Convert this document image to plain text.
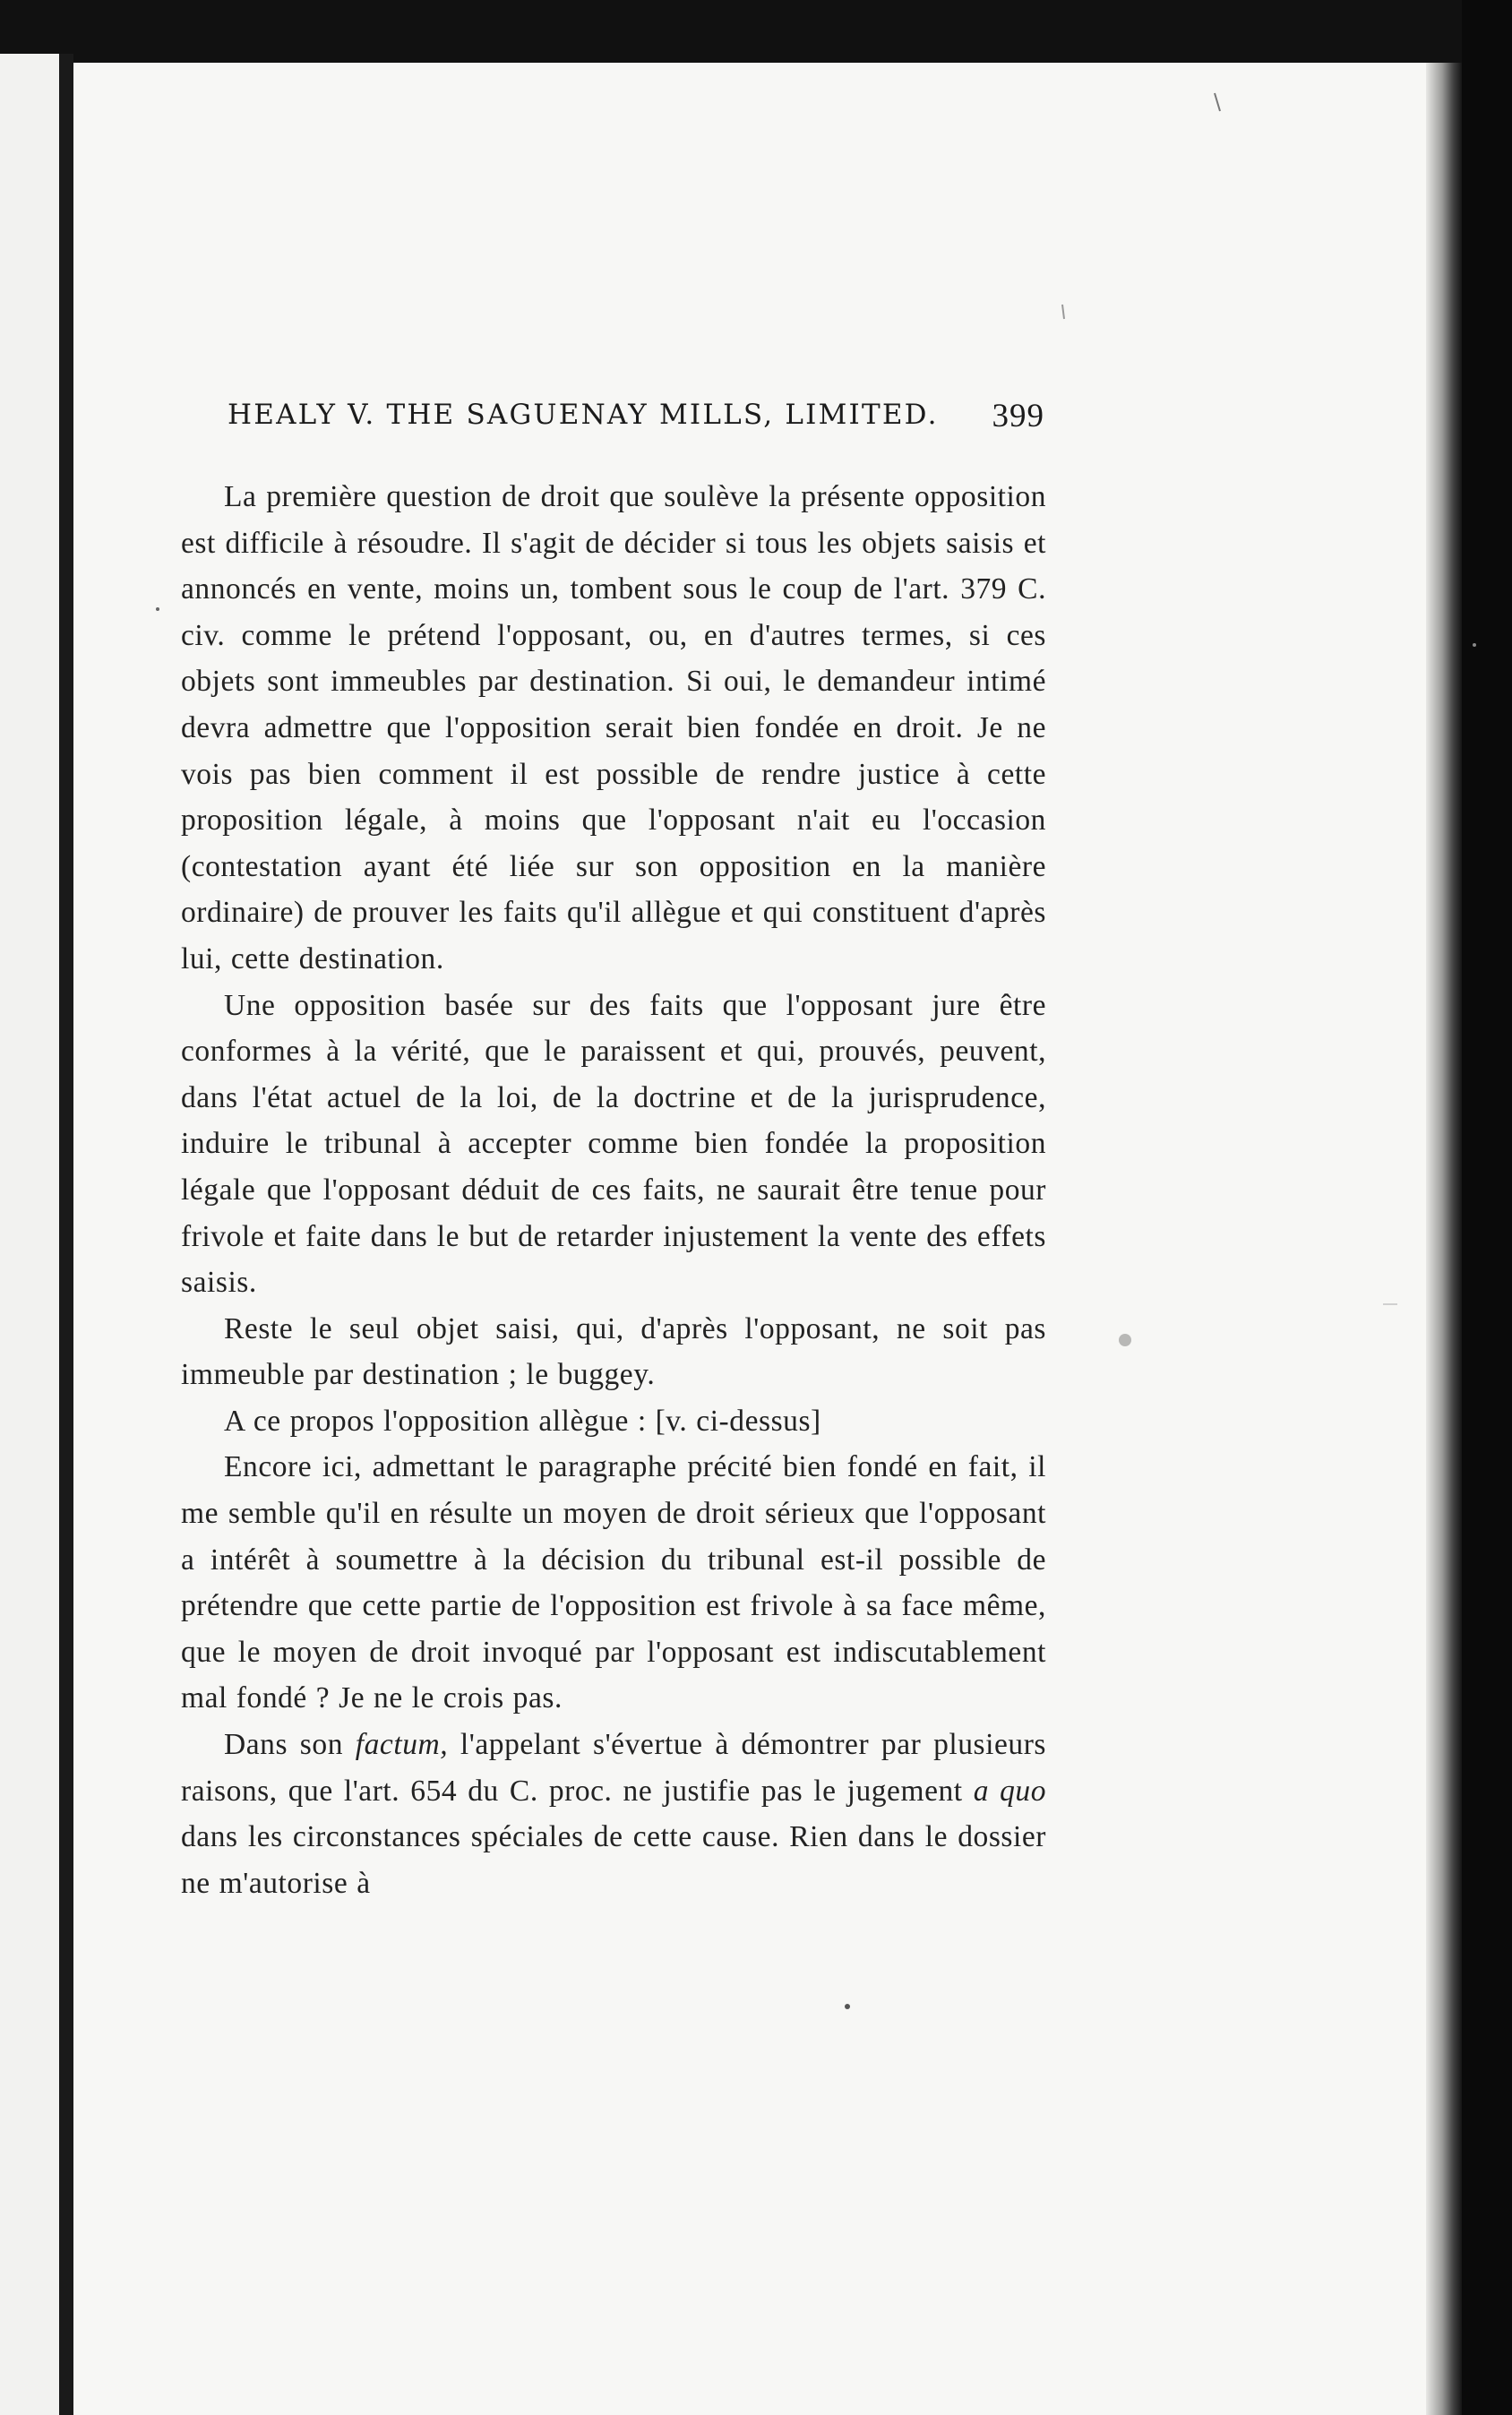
HEALY V. THE SAGUENAY MILLS, LIMITED. 399

La première question de droit que soulève la présente opposition est difficile à résoudre. Il s'agit de décider si tous les objets saisis et annoncés en vente, moins un, tombent sous le coup de l'art. 379 C. civ. comme le prétend l'opposant, ou, en d'autres termes, si ces objets sont immeubles par destination. Si oui, le demandeur intimé devra admettre que l'opposition serait bien fondée en droit. Je ne vois pas bien comment il est possible de rendre justice à cette proposition légale, à moins que l'opposant n'ait eu l'occasion (contestation ayant été liée sur son opposition en la manière ordinaire) de prouver les faits qu'il allègue et qui constituent d'après lui, cette destination.

Une opposition basée sur des faits que l'opposant jure être conformes à la vérité, que le paraissent et qui, prouvés, peuvent, dans l'état actuel de la loi, de la doctrine et de la jurisprudence, induire le tribunal à accepter comme bien fondée la proposition légale que l'opposant déduit de ces faits, ne saurait être tenue pour frivole et faite dans le but de retarder injustement la vente des effets saisis.

Reste le seul objet saisi, qui, d'après l'opposant, ne soit pas immeuble par destination ; le buggey.

A ce propos l'opposition allègue : [v. ci-dessus]

Encore ici, admettant le paragraphe précité bien fondé en fait, il me semble qu'il en résulte un moyen de droit sérieux que l'opposant a intérêt à soumettre à la décision du tribunal est-il possible de prétendre que cette partie de l'opposition est frivole à sa face même, que le moyen de droit invoqué par l'opposant est indiscutablement mal fondé ? Je ne le crois pas.

Dans son factum, l'appelant s'évertue à démontrer par plusieurs raisons, que l'art. 654 du C. proc. ne justifie pas le jugement a quo dans les circonstances spéciales de cette cause. Rien dans le dossier ne m'autorise à
